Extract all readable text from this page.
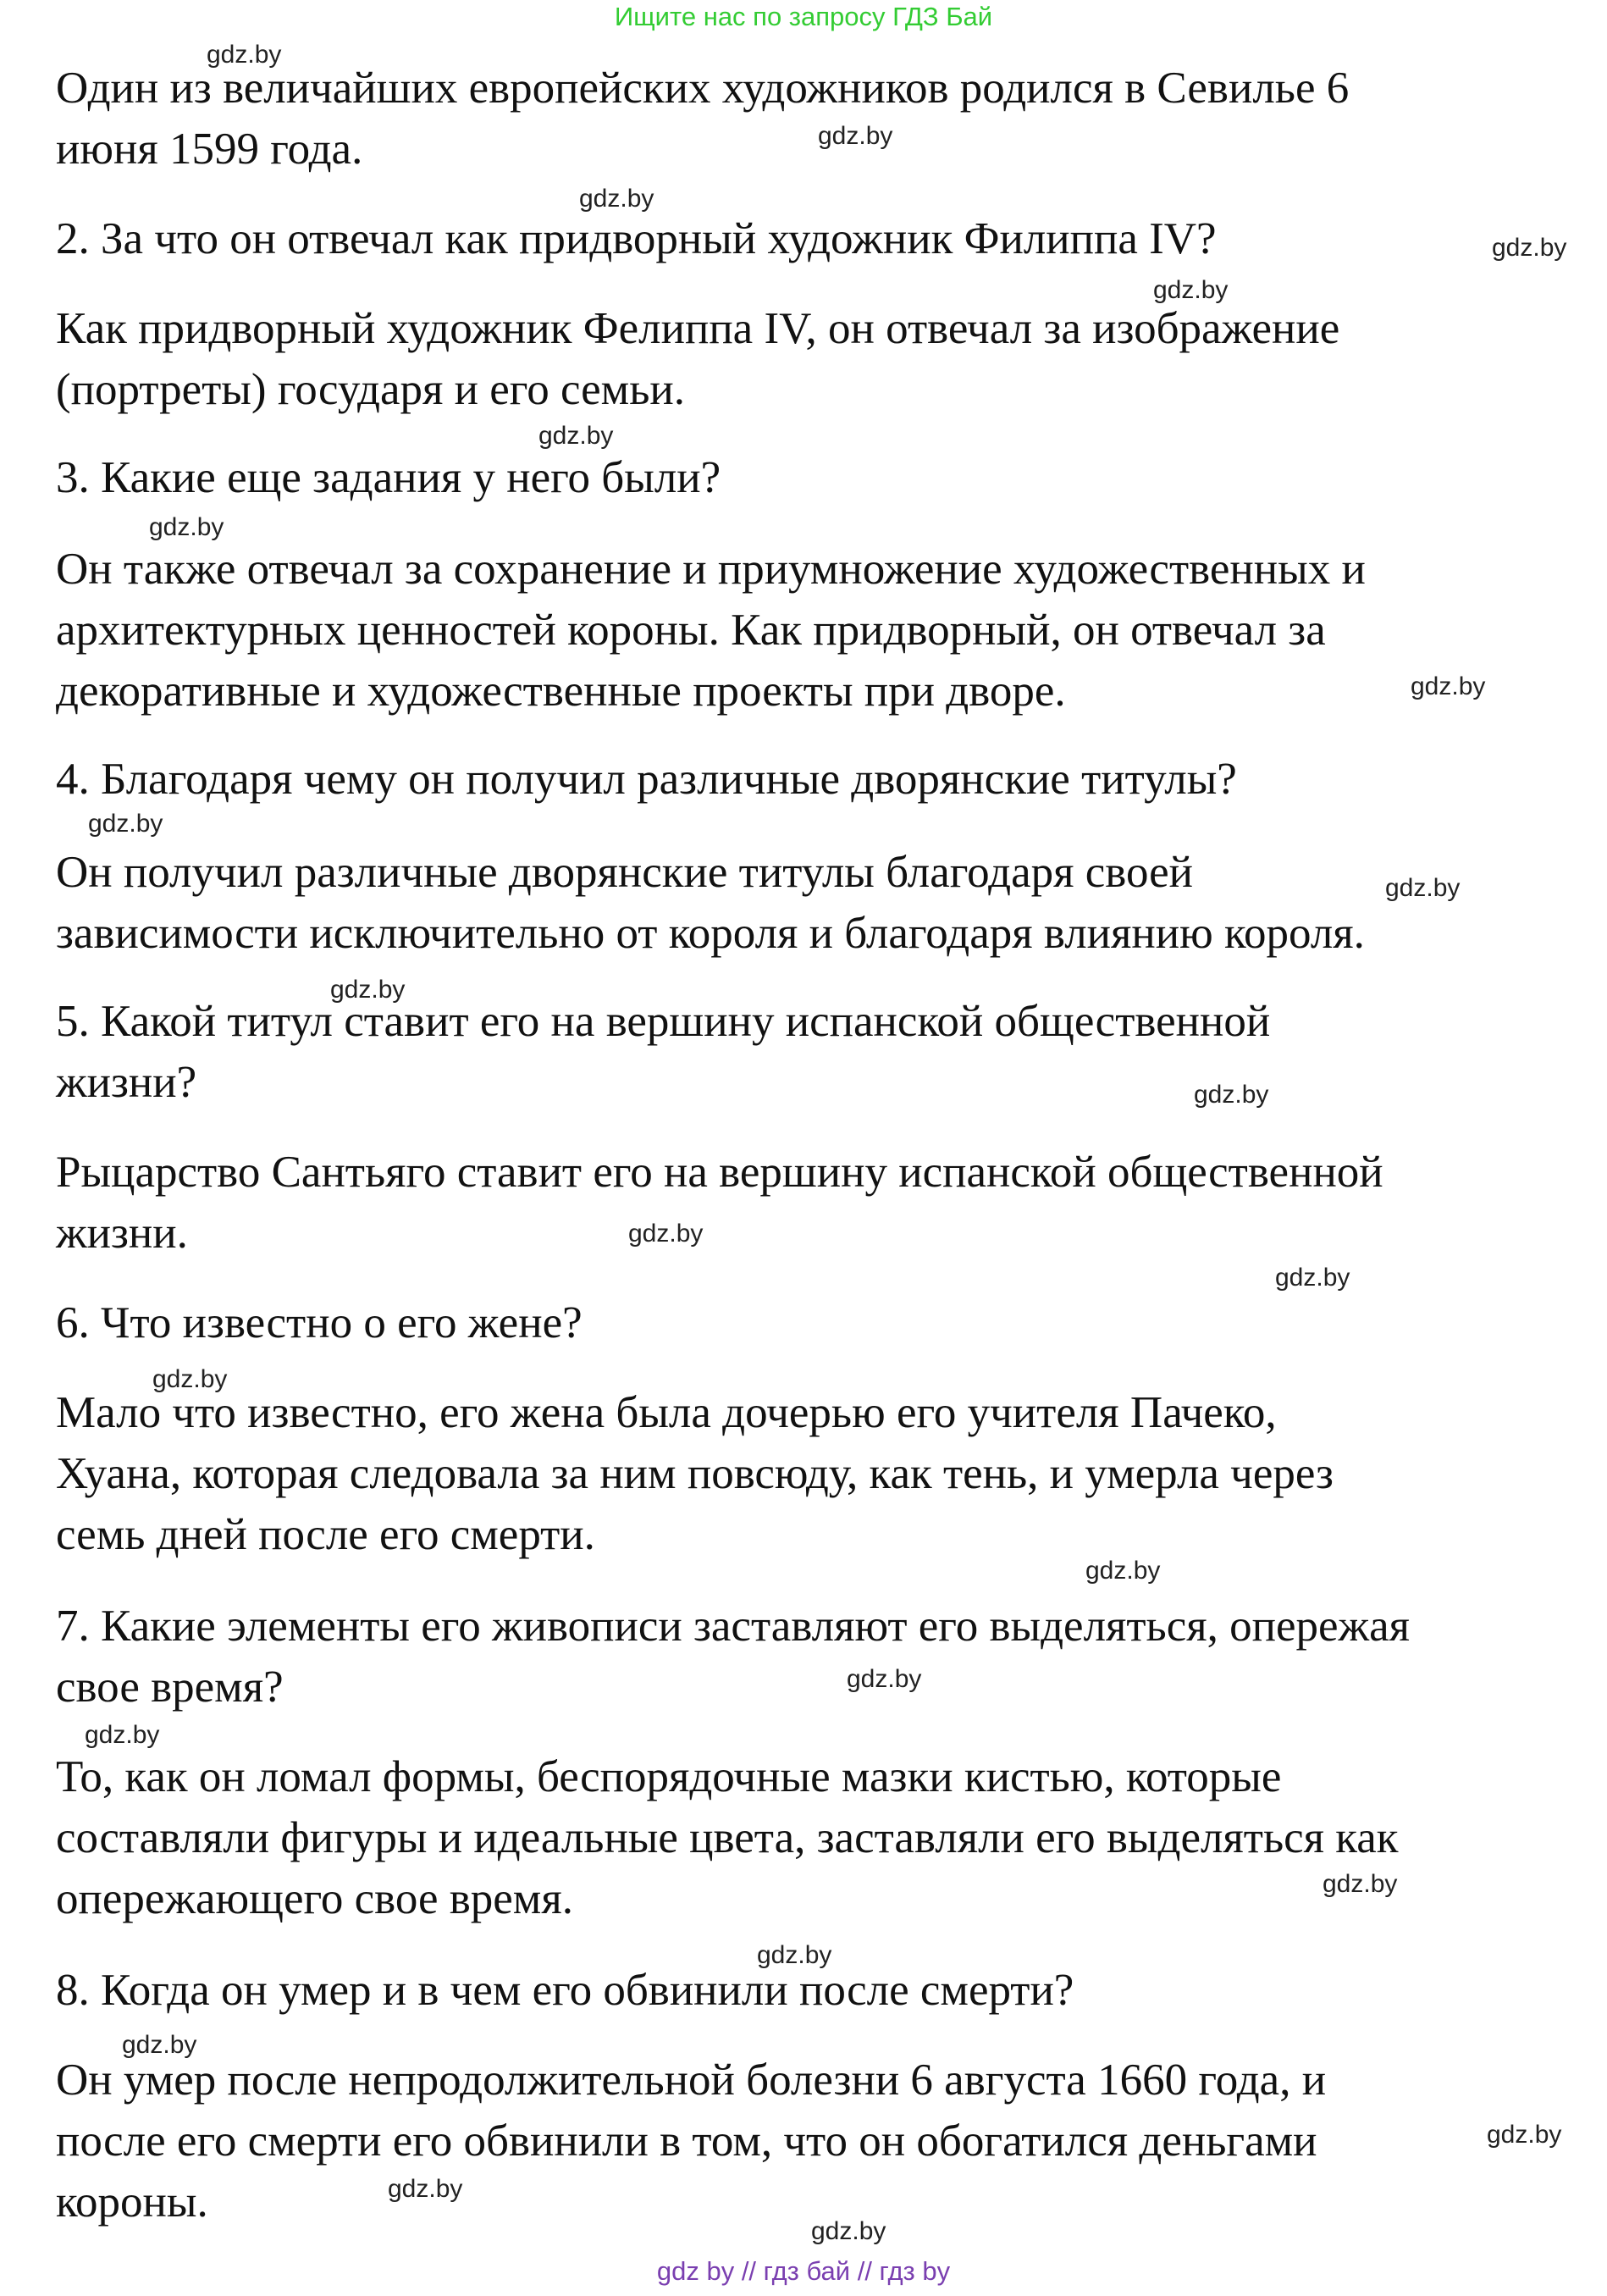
Ищите нас по запросу ГДЗ Бай

Один из величайших европейских художников родился в Севилье 6
июня 1599 года.

2. За что он отвечал как придворный художник Филиппа IV?

Как придворный художник Фелиппа IV, он отвечал за изображение
(портреты) государя и его семьи.

3. Какие еще задания у него были?

Он также отвечал за сохранение и приумножение художественных и
архитектурных ценностей короны. Как придворный, он отвечал за
декоративные и художественные проекты при дворе.

4. Благодаря чему он получил различные дворянские титулы?

Он получил различные дворянские титулы благодаря своей
зависимости исключительно от короля и благодаря влиянию короля.

5. Какой титул ставит его на вершину испанской общественной
жизни?

Рыцарство Сантьяго ставит его на вершину испанской общественной
жизни.

6. Что известно о его жене?

Мало что известно, его жена была дочерью его учителя Пачеко,
Хуана, которая следовала за ним повсюду, как тень, и умерла через
семь дней после его смерти.

7. Какие элементы его живописи заставляют его выделяться, опережая
свое время?

То, как он ломал формы, беспорядочные мазки кистью, которые
составляли фигуры и идеальные цвета, заставляли его выделяться как
опережающего свое время.

8. Когда он умер и в чем его обвинили после смерти?

Он умер после непродолжительной болезни 6 августа 1660 года, и
после его смерти его обвинили в том, что он обогатился деньгами
короны.

gdz.by
gdz.by
gdz.by
gdz.by
gdz.by
gdz.by
gdz.by
gdz.by
gdz.by
gdz.by
gdz.by
gdz.by
gdz.by
gdz.by
gdz.by
gdz.by
gdz.by
gdz.by
gdz.by
gdz.by
gdz.by
gdz.by
gdz.by
gdz.by
gdz by // гдз бай // гдз by
